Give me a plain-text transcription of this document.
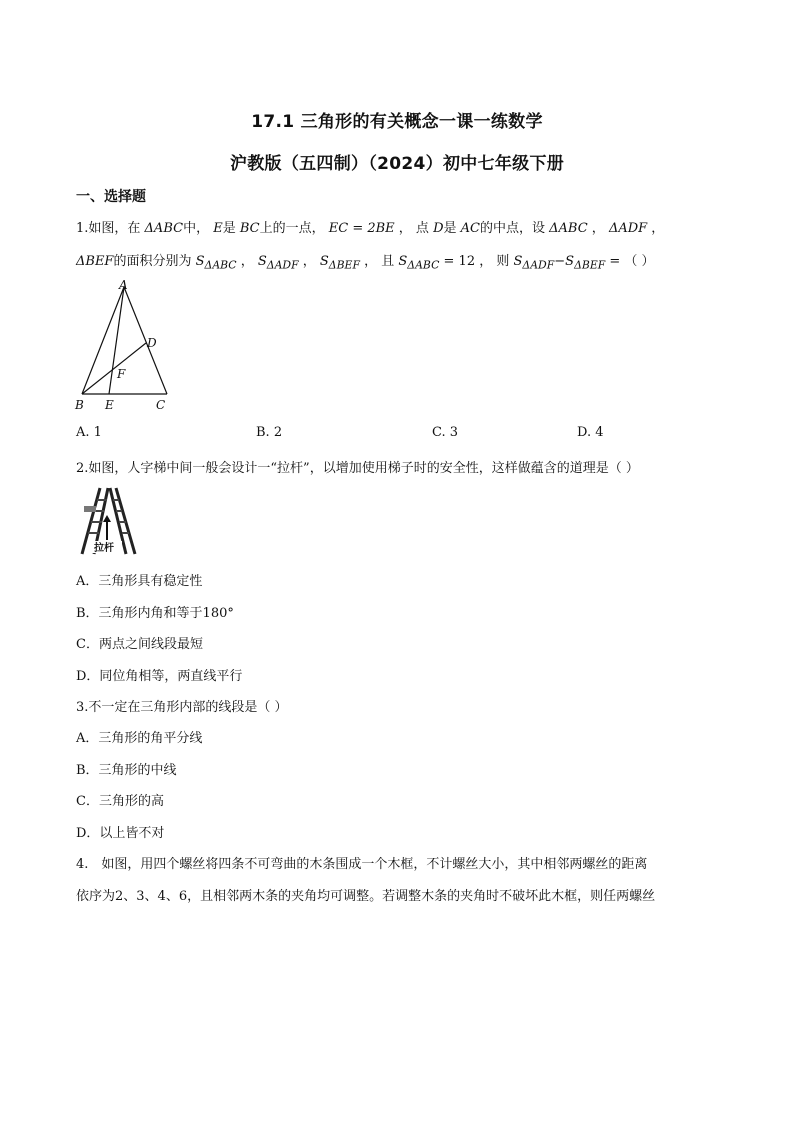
17.1 三角形的有关概念一课一练数学
沪教版（五四制）（2024）初中七年级下册
一、选择题
1.如图，在 ΔABC中， E是 BC上的一点， EC = 2BE ， 点 D是 AC的中点，设 ΔABC ， ΔADF ，
ΔBEF的面积分别为 $S_{\Delta ABC}$ ， $S_{\Delta ADF}$ ， $S_{\Delta BEF}$ ， 且 $S_{\Delta ABC} = 12$ ， 则 $S_{\Delta ADF}-S_{\Delta BEF}$ = （ ）
A
D
F
B E	C
A. 1	B. 2	C. 3	D. 4
2.如图，人字梯中间一般会设计一“拉杆”，以增加使用梯子时的安全性，这样做蕴含的道理是（ ）
拉杆
A．三角形具有稳定性
B．三角形内角和等于180°
C．两点之间线段最短
D．同位角相等，两直线平行
3.不一定在三角形内部的线段是（ ）
A．三角形的角平分线
B．三角形的中线
C．三角形的高
D．以上皆不对
4.　如图，用四个螺丝将四条不可弯曲的木条围成一个木框，不计螺丝大小，其中相邻两螺丝的距离
依序为2、3、4、6，且相邻两木条的夹角均可调整。若调整木条的夹角时不破坏此木框，则任两螺丝
